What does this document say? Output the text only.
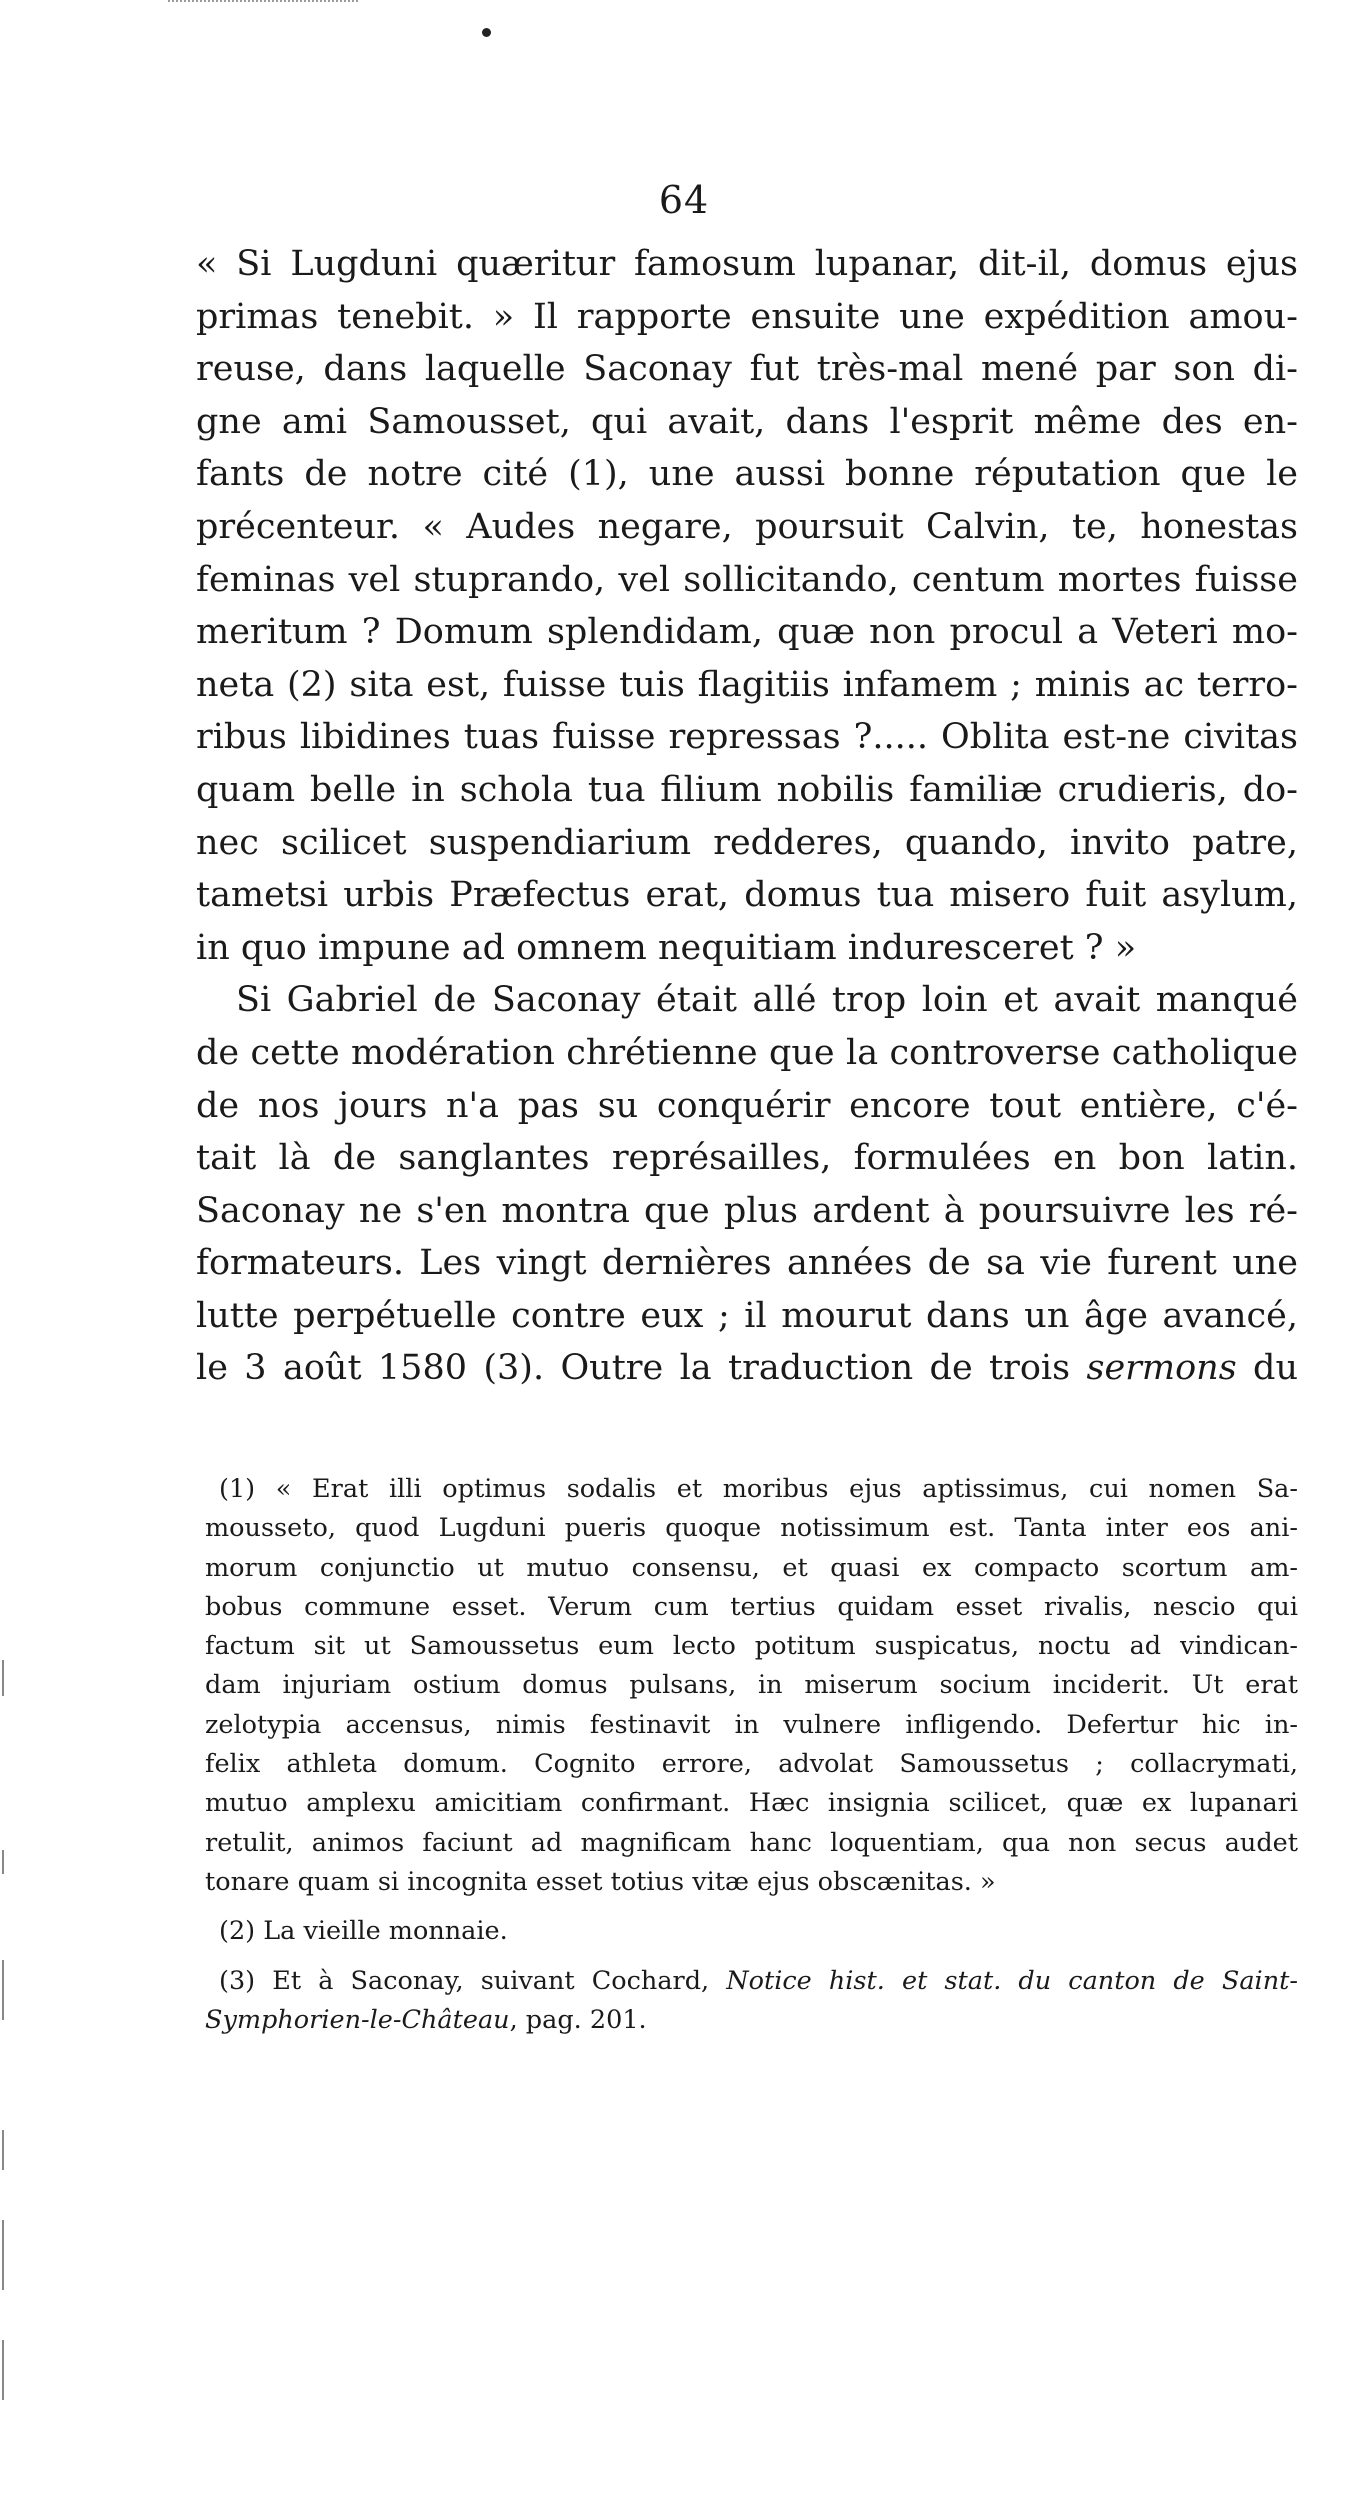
64
« Si Lugduni quæritur famosum lupanar, dit-il, domus ejus
primas tenebit. » Il rapporte ensuite une expédition amou-
reuse, dans laquelle Saconay fut très-mal mené par son di-
gne ami Samousset, qui avait, dans l'esprit même des en-
fants de notre cité (1), une aussi bonne réputation que le
précenteur. « Audes negare, poursuit Calvin, te, honestas
feminas vel stuprando, vel sollicitando, centum mortes fuisse
meritum ? Domum splendidam, quæ non procul a Veteri mo-
neta (2) sita est, fuisse tuis flagitiis infamem ; minis ac terro-
ribus libidines tuas fuisse repressas ?..... Oblita est-ne civitas
quam belle in schola tua filium nobilis familiæ crudieris, do-
nec scilicet suspendiarium redderes, quando, invito patre,
tametsi urbis Præfectus erat, domus tua misero fuit asylum,
in quo impune ad omnem nequitiam induresceret ? »
Si Gabriel de Saconay était allé trop loin et avait manqué
de cette modération chrétienne que la controverse catholique
de nos jours n'a pas su conquérir encore tout entière, c'é-
tait là de sanglantes représailles, formulées en bon latin.
Saconay ne s'en montra que plus ardent à poursuivre les ré-
formateurs. Les vingt dernières années de sa vie furent une
lutte perpétuelle contre eux ; il mourut dans un âge avancé,
le 3 août 1580 (3). Outre la traduction de trois sermons du
(1) « Erat illi optimus sodalis et moribus ejus aptissimus, cui nomen Sa-
mousseto, quod Lugduni pueris quoque notissimum est. Tanta inter eos ani-
morum conjunctio ut mutuo consensu, et quasi ex compacto scortum am-
bobus commune esset. Verum cum tertius quidam esset rivalis, nescio qui
factum sit ut Samoussetus eum lecto potitum suspicatus, noctu ad vindican-
dam injuriam ostium domus pulsans, in miserum socium inciderit. Ut erat
zelotypia accensus, nimis festinavit in vulnere infligendo. Defertur hic in-
felix athleta domum. Cognito errore, advolat Samoussetus ; collacrymati,
mutuo amplexu amicitiam confirmant. Hæc insignia scilicet, quæ ex lupanari
retulit, animos faciunt ad magnificam hanc loquentiam, qua non secus audet
tonare quam si incognita esset totius vitæ ejus obscænitas. »
(2) La vieille monnaie.
(3) Et à Saconay, suivant Cochard, Notice hist. et stat. du canton de Saint-
Symphorien-le-Château, pag. 201.
